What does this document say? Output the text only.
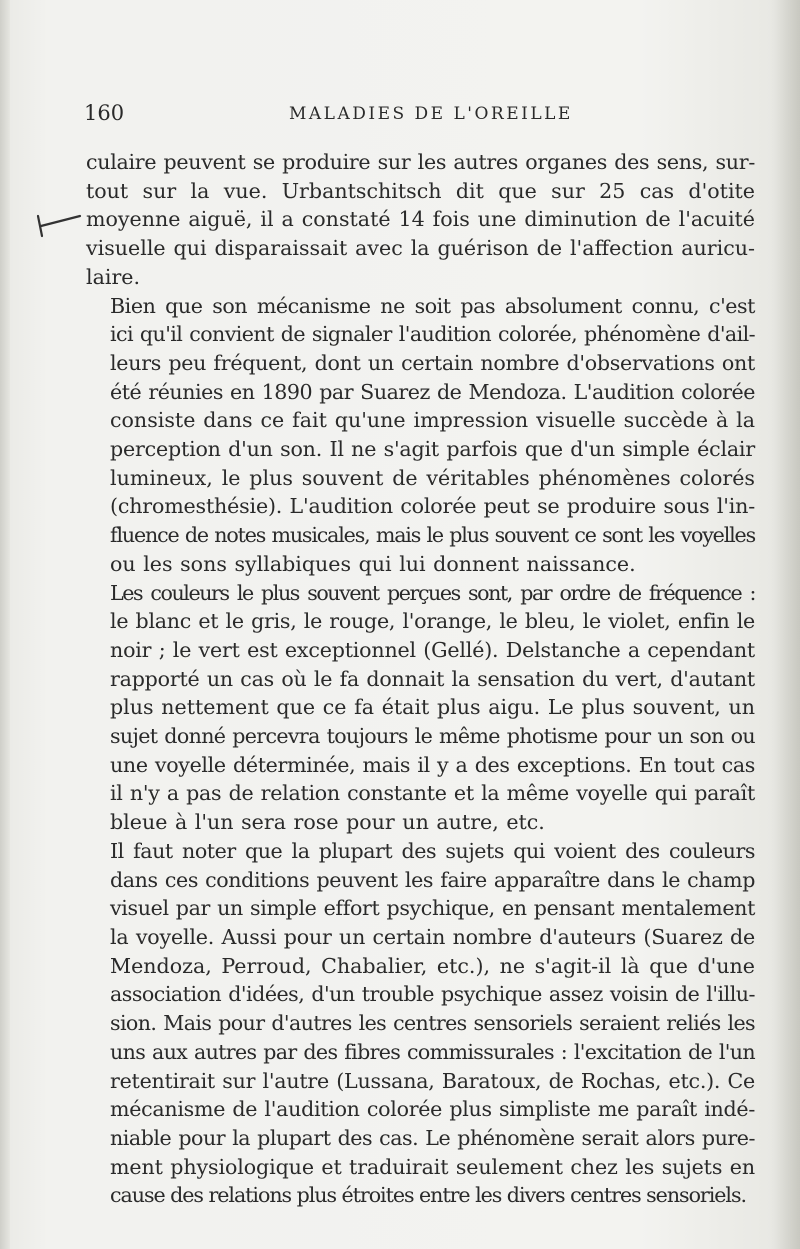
160	MALADIES DE L'OREILLE

culaire peuvent se produire sur les autres organes des sens, sur-
tout sur la vue. Urbantschitsch dit que sur 25 cas d'otite
moyenne aiguë, il a constaté 14 fois une diminution de l'acuité
visuelle qui disparaissait avec la guérison de l'affection auricu-
laire.

Bien que son mécanisme ne soit pas absolument connu, c'est
ici qu'il convient de signaler l'audition colorée, phénomène d'ail-
leurs peu fréquent, dont un certain nombre d'observations ont
été réunies en 1890 par Suarez de Mendoza. L'audition colorée
consiste dans ce fait qu'une impression visuelle succède à la
perception d'un son. Il ne s'agit parfois que d'un simple éclair
lumineux, le plus souvent de véritables phénomènes colorés
(chromesthésie). L'audition colorée peut se produire sous l'in-
fluence de notes musicales, mais le plus souvent ce sont les voyelles
ou les sons syllabiques qui lui donnent naissance.

Les couleurs le plus souvent perçues sont, par ordre de fréquence :
le blanc et le gris, le rouge, l'orange, le bleu, le violet, enfin le
noir ; le vert est exceptionnel (Gellé). Delstanche a cependant
rapporté un cas où le fa donnait la sensation du vert, d'autant
plus nettement que ce fa était plus aigu. Le plus souvent, un
sujet donné percevra toujours le même photisme pour un son ou
une voyelle déterminée, mais il y a des exceptions. En tout cas
il n'y a pas de relation constante et la même voyelle qui paraît
bleue à l'un sera rose pour un autre, etc.

Il faut noter que la plupart des sujets qui voient des couleurs
dans ces conditions peuvent les faire apparaître dans le champ
visuel par un simple effort psychique, en pensant mentalement
la voyelle. Aussi pour un certain nombre d'auteurs (Suarez de
Mendoza, Perroud, Chabalier, etc.), ne s'agit-il là que d'une
association d'idées, d'un trouble psychique assez voisin de l'illu-
sion. Mais pour d'autres les centres sensoriels seraient reliés les
uns aux autres par des fibres commissurales : l'excitation de l'un
retentirait sur l'autre (Lussana, Baratoux, de Rochas, etc.). Ce
mécanisme de l'audition colorée plus simpliste me paraît indé-
niable pour la plupart des cas. Le phénomène serait alors pure-
ment physiologique et traduirait seulement chez les sujets en
cause des relations plus étroites entre les divers centres sensoriels.
